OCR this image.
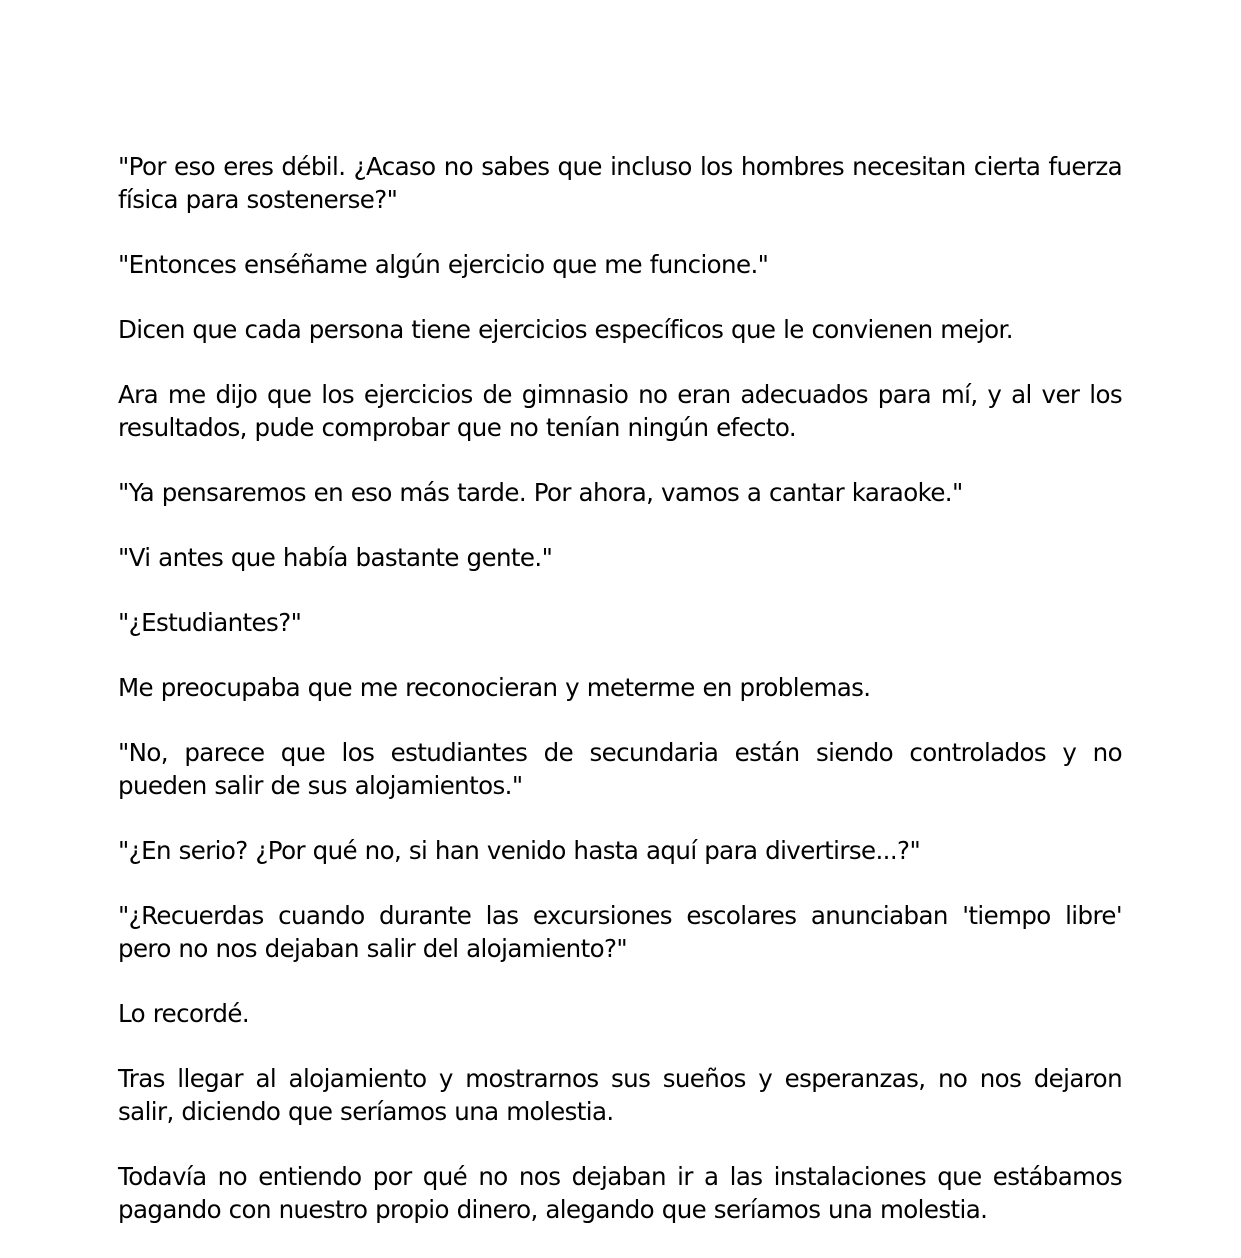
"Por eso eres débil. ¿Acaso no sabes que incluso los hombres necesitan cierta fuerza física para sostenerse?"

"Entonces enséñame algún ejercicio que me funcione."

Dicen que cada persona tiene ejercicios específicos que le convienen mejor.

Ara me dijo que los ejercicios de gimnasio no eran adecuados para mí, y al ver los resultados, pude comprobar que no tenían ningún efecto.

"Ya pensaremos en eso más tarde. Por ahora, vamos a cantar karaoke."

"Vi antes que había bastante gente."

"¿Estudiantes?"

Me preocupaba que me reconocieran y meterme en problemas.

"No, parece que los estudiantes de secundaria están siendo controlados y no pueden salir de sus alojamientos."

"¿En serio? ¿Por qué no, si han venido hasta aquí para divertirse...?"

"¿Recuerdas cuando durante las excursiones escolares anunciaban 'tiempo libre' pero no nos dejaban salir del alojamiento?"

Lo recordé.

Tras llegar al alojamiento y mostrarnos sus sueños y esperanzas, no nos dejaron salir, diciendo que seríamos una molestia.

Todavía no entiendo por qué no nos dejaban ir a las instalaciones que estábamos pagando con nuestro propio dinero, alegando que seríamos una molestia.
